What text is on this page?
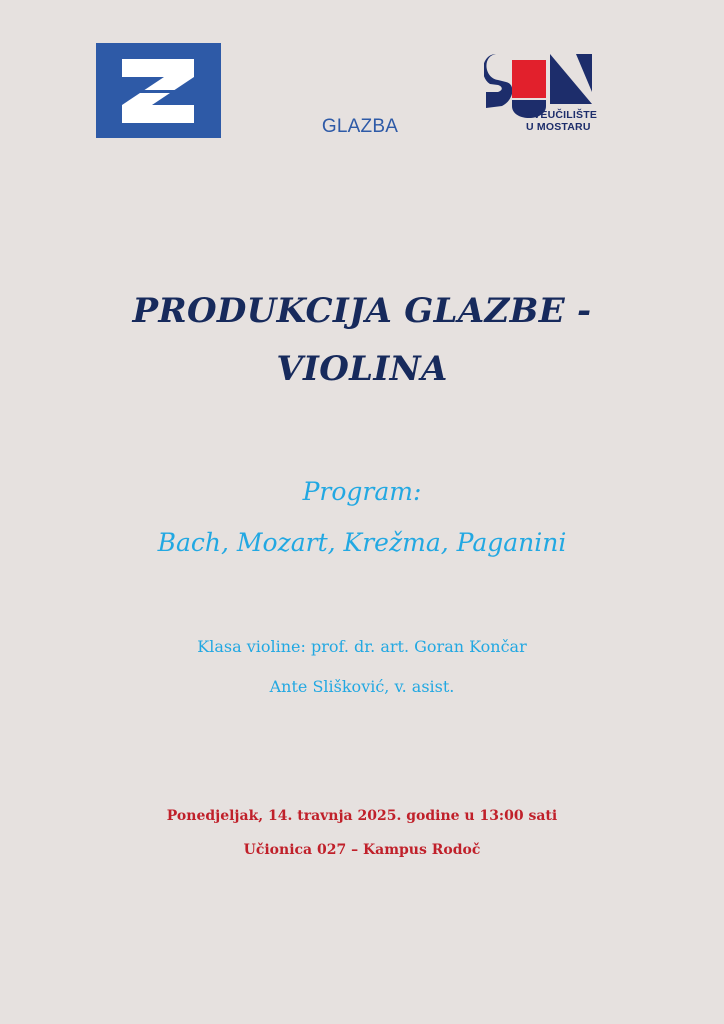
GLAZBA
SVEUČILIŠTE
U MOSTARU
PRODUKCIJA GLAZBE -
VIOLINA
Program:
Bach, Mozart, Krežma, Paganini
Klasa violine: prof. dr. art. Goran Končar
Ante Slišković, v. asist.
Ponedjeljak, 14. travnja 2025. godine u 13:00 sati
Učionica 027 – Kampus Rodoč
